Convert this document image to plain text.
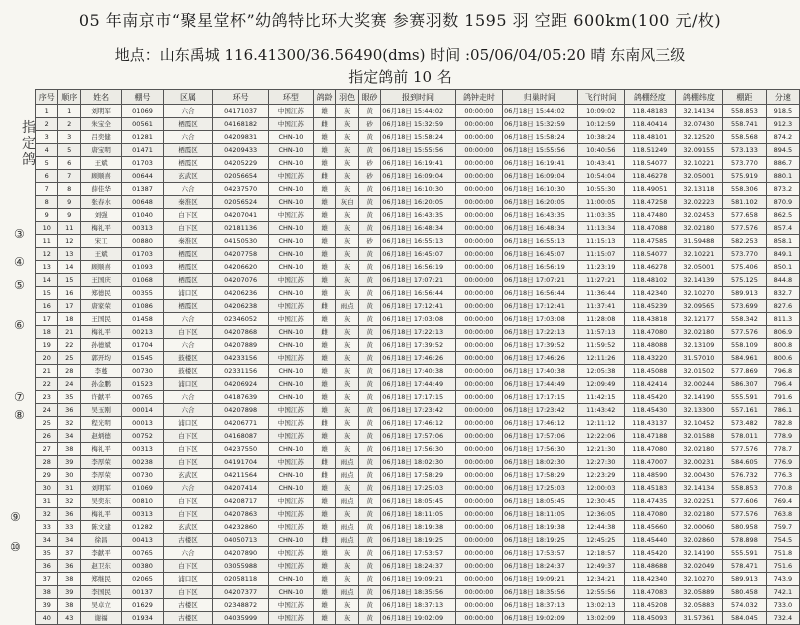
05 年南京市“聚星堂杯”幼鸽特比环大奖赛 参赛羽数 1595 羽 空距 600km(100 元/枚)
地点：山东禹城 116.41300/36.56490(dms) 时间 :05/06/04/05:20 晴 东南风三级
指定鸽前 10 名
指定鸽
③
④
⑤
⑥
⑦
⑧
⑨
⑩
序号	顺序	姓名	棚号	区属	环号	环型	鸽龄	羽色	眼砂	报到时间	鸽钟走时	归巢时间	飞行时间	鸽棚经度	鸽棚纬度	棚距	分速
1	1	刘明军	01069	六合	04171037	中国江苏	雄	灰	黄	06月18日 15:44:02	00:00:00	06月18日 15:44:02	10:09:02	118.48183	32.14134	558.853	918.5
2	2	朱宝全	00561	栖霞区	04168182	中国江苏	雌	灰	砂	06月18日 15:32:59	00:00:00	06月18日 15:32:59	10:12:59	118.40414	32.07430	558.741	912.3
3	3	吕奕健	01281	六合	04209831	CHN-10	雄	灰	黄	06月18日 15:58:24	00:00:00	06月18日 15:58:24	10:38:24	118.48101	32.12520	558.568	874.2
4	5	唐宝明	01471	栖霞区	04209433	CHN-10	雄	灰	黄	06月18日 15:55:56	00:00:00	06月18日 15:55:56	10:40:56	118.51249	32.09155	573.133	894.5
5	6	王斌	01703	栖霞区	04205229	CHN-10	雄	灰	砂	06月18日 16:19:41	00:00:00	06月18日 16:19:41	10:43:41	118.54077	32.10221	573.770	886.7
6	7	顾顺喜	00644	玄武区	02056654	中国江苏	雌	灰	砂	06月18日 16:09:04	00:00:00	06月18日 16:09:04	10:54:04	118.46278	32.05001	575.919	880.1
7	8	薛佳华	01387	六合	04237570	CHN-10	雄	灰	黄	06月18日 16:10:30	00:00:00	06月18日 16:10:30	10:55:30	118.49051	32.13118	558.306	873.2
8	9	张春水	00648	秦淮区	02056524	CHN-10	雄	灰白	黄	06月18日 16:20:05	00:00:00	06月18日 16:20:05	11:00:05	118.47258	32.02223	581.102	870.9
9	9	刘强	01040	白下区	04207041	中国江苏	雄	灰	黄	06月18日 16:43:35	00:00:00	06月18日 16:43:35	11:03:35	118.47480	32.02453	577.658	862.5
10	11	梅礼平	00313	白下区	02181136	CHN-10	雄	灰	黄	06月18日 16:48:34	00:00:00	06月18日 16:48:34	11:13:34	118.47088	32.02180	577.576	857.4
11	12	宋工	00880	秦淮区	04150530	CHN-10	雄	灰	砂	06月18日 16:55:13	00:00:00	06月18日 16:55:13	11:15:13	118.47585	31.59488	582.253	858.1
12	13	王斌	01703	栖霞区	04207758	CHN-10	雄	灰	黄	06月18日 16:45:07	00:00:00	06月18日 16:45:07	11:15:07	118.54077	32.10221	573.770	849.1
13	14	顾顺喜	01093	栖霞区	04206620	CHN-10	雄	灰	黄	06月18日 16:56:19	00:00:00	06月18日 16:56:19	11:23:19	118.46278	32.05001	575.406	850.1
14	15	王国庆	01068	栖霞区	04207076	中国江苏	雄	灰	黄	06月18日 17:07:21	00:00:00	06月18日 17:07:21	11:27:21	118.48102	32.14139	575.125	844.8
15	16	郑德民	00355	浦口区	04206236	CHN-10	雄	灰	黄	06月18日 16:56:44	00:00:00	06月18日 16:56:44	11:36:44	118.42340	32.10270	589.913	832.7
16	17	唐家荣	01086	栖霞区	04206238	中国江苏	雌	雨点	黄	06月18日 17:12:41	00:00:00	06月18日 17:12:41	11:37:41	118.45239	32.09565	573.699	827.6
17	18	王国民	01458	六合	02346052	中国江苏	雄	灰	黄	06月18日 17:03:08	00:00:00	06月18日 17:03:08	11:28:08	118.43818	32.12177	558.342	811.3
18	21	梅礼平	00213	白下区	04207868	CHN-10	雌	灰	黄	06月18日 17:22:13	00:00:00	06月18日 17:22:13	11:57:13	118.47080	32.02180	577.576	806.9
19	22	孙德斌	01704	六合	04207889	CHN-10	雄	灰	黄	06月18日 17:39:52	00:00:00	06月18日 17:39:52	11:59:52	118.48088	32.13109	558.109	800.8
20	25	郭开均	01545	鼓楼区	04233156	中国江苏	雄	灰	黄	06月18日 17:46:26	00:00:00	06月18日 17:46:26	12:11:26	118.43220	31.57010	584.961	800.6
21	28	李蔓	00730	鼓楼区	02331156	CHN-10	雄	灰	黄	06月18日 17:40:38	00:00:00	06月18日 17:40:38	12:05:38	118.45088	32.01502	577.869	796.8
22	24	孙金鹏	01523	浦口区	04206924	CHN-10	雄	灰	黄	06月18日 17:44:49	00:00:00	06月18日 17:44:49	12:09:49	118.42414	32.00244	586.307	796.4
23	35	许献平	00765	六合	04187639	CHN-10	雄	灰	黄	06月18日 17:17:15	00:00:00	06月18日 17:17:15	11:42:15	118.45420	32.14190	555.591	791.6
24	36	吴玉刚	00014	六合	04207898	中国江苏	雄	灰	黄	06月18日 17:23:42	00:00:00	06月18日 17:23:42	11:43:42	118.45430	32.13300	557.161	786.1
25	32	程光明	00013	浦口区	04206771	中国江苏	雌	灰	黄	06月18日 17:46:12	00:00:00	06月18日 17:46:12	12:11:12	118.43137	32.10452	573.482	782.8
26	34	赵炳德	00752	白下区	04168087	中国江苏	雄	灰	黄	06月18日 17:57:06	00:00:00	06月18日 17:57:06	12:22:06	118.47188	32.01588	578.011	778.9
27	38	梅礼平	00313	白下区	04237550	CHN-10	雄	灰	黄	06月18日 17:56:30	00:00:00	06月18日 17:56:30	12:21:30	118.47080	32.02180	577.576	778.7
28	39	李厚荣	00238	白下区	04191704	中国江苏	雌	雨点	黄	06月18日 18:02:30	00:00:00	06月18日 18:02:30	12:27:30	118.47007	32.00231	584.605	776.9
29	30	李厚荣	00730	玄武区	04211564	CHN-10	雌	雨点	黄	06月18日 17:58:29	00:00:00	06月18日 17:58:29	12:23:29	118.48590	32.00430	576.732	776.3
30	31	刘明军	01069	六合	04207414	CHN-10	雄	灰	黄	06月18日 17:25:03	00:00:00	06月18日 17:25:03	12:00:03	118.45183	32.14134	558.853	770.8
31	32	吴奕东	00810	白下区	04208717	中国江苏	雄	雨点	黄	06月18日 18:05:45	00:00:00	06月18日 18:05:45	12:30:45	118.47435	32.02251	577.606	769.4
32	36	梅礼平	00313	白下区	04207863	中国江苏	雄	灰	黄	06月18日 18:11:05	00:00:00	06月18日 18:11:05	12:36:05	118.47080	32.02180	577.576	763.8
33	33	陈文建	01282	玄武区	04232860	中国江苏	雄	雨点	黄	06月18日 18:19:38	00:00:00	06月18日 18:19:38	12:44:38	118.45660	32.00060	580.958	759.7
34	34	徐昌	00413	古楼区	04050713	CHN-10	雌	雨点	黄	06月18日 18:19:25	00:00:00	06月18日 18:19:25	12:45:25	118.45440	32.02860	578.898	754.5
35	37	李献平	00765	六合	04207890	中国江苏	雄	灰	黄	06月18日 17:53:57	00:00:00	06月18日 17:53:57	12:18:57	118.45420	32.14190	555.591	751.8
36	36	赵卫东	00380	白下区	03055988	中国江苏	雄	灰	黄	06月18日 18:24:37	00:00:00	06月18日 18:24:37	12:49:37	118.48688	32.02049	578.471	751.6
37	38	郑继民	02065	浦口区	02058118	CHN-10	雄	灰	黄	06月18日 19:09:21	00:00:00	06月18日 19:09:21	12:34:21	118.42340	32.10270	589.913	743.9
38	39	李国民	00137	白下区	04207377	CHN-10	雄	雨点	黄	06月18日 18:35:56	00:00:00	06月18日 18:35:56	12:55:56	118.47083	32.05889	580.458	742.1
39	38	吴卓立	01629	古楼区	02348872	中国江苏	雄	灰	黄	06月18日 18:37:13	00:00:00	06月18日 18:37:13	13:02:13	118.45208	32.05883	574.032	733.0
40	43	谢福	01934	古楼区	04035999	中国江苏	雄	灰	黄	06月18日 19:02:09	00:00:00	06月18日 19:02:09	13:02:09	118.45093	31.57361	584.045	732.4
